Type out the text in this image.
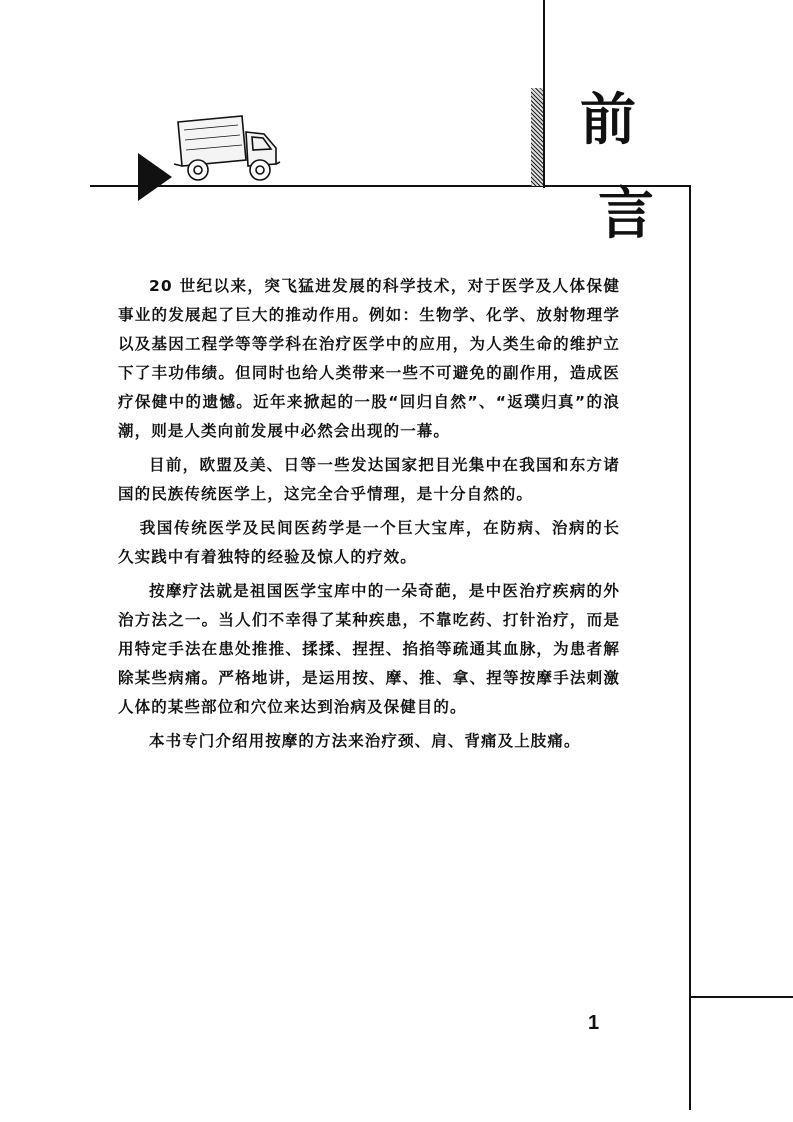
前
言

20 世纪以来，突飞猛进发展的科学技术，对于医学及人体保健事业的发展起了巨大的推动作用。例如：生物学、化学、放射物理学以及基因工程学等等学科在治疗医学中的应用，为人类生命的维护立下了丰功伟绩。但同时也给人类带来一些不可避免的副作用，造成医疗保健中的遗憾。近年来掀起的一股“回归自然”、“返璞归真”的浪潮，则是人类向前发展中必然会出现的一幕。

目前，欧盟及美、日等一些发达国家把目光集中在我国和东方诸国的民族传统医学上，这完全合乎情理，是十分自然的。

我国传统医学及民间医药学是一个巨大宝库，在防病、治病的长久实践中有着独特的经验及惊人的疗效。

按摩疗法就是祖国医学宝库中的一朵奇葩，是中医治疗疾病的外治方法之一。当人们不幸得了某种疾患，不靠吃药、打针治疗，而是用特定手法在患处推推、揉揉、捏捏、掐掐等疏通其血脉，为患者解除某些病痛。严格地讲，是运用按、摩、推、拿、捏等按摩手法刺激人体的某些部位和穴位来达到治病及保健目的。

本书专门介绍用按摩的方法来治疗颈、肩、背痛及上肢痛。

1
